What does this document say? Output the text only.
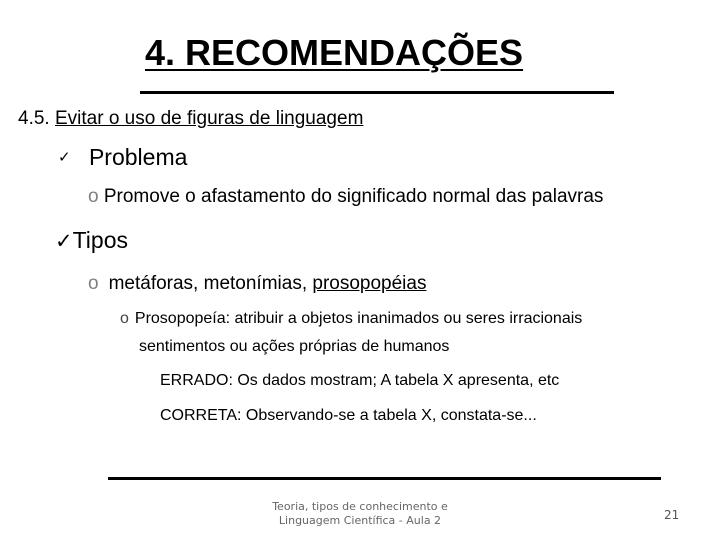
4. RECOMENDAÇÕES
4.5. Evitar o uso de figuras de linguagem
✓ Problema
o Promove o afastamento do significado normal das palavras
✓Tipos
o metáforas, metonímias, prosopopéias
o Prosopopeía: atribuir a objetos inanimados ou seres irracionais
sentimentos ou ações próprias de humanos
ERRADO: Os dados mostram; A tabela X apresenta, etc
CORRETA: Observando-se a tabela X, constata-se...
Teoria, tipos de conhecimento e
Linguagem Científica - Aula 2	21
